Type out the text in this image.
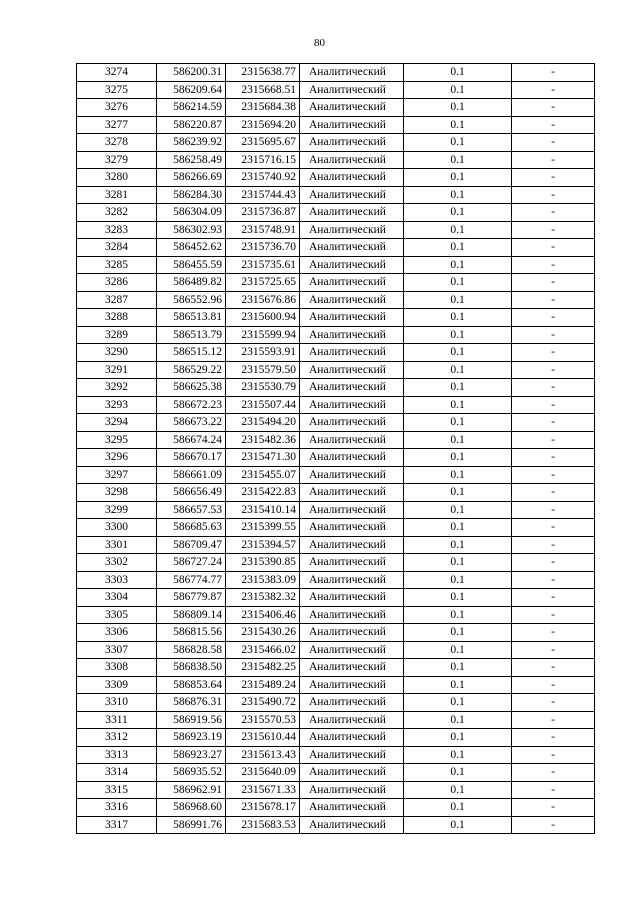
80
3274	586200.31	2315638.77	Аналитический	0.1	-
3275	586209.64	2315668.51	Аналитический	0.1	-
3276	586214.59	2315684.38	Аналитический	0.1	-
3277	586220.87	2315694.20	Аналитический	0.1	-
3278	586239.92	2315695.67	Аналитический	0.1	-
3279	586258.49	2315716.15	Аналитический	0.1	-
3280	586266.69	2315740.92	Аналитический	0.1	-
3281	586284.30	2315744.43	Аналитический	0.1	-
3282	586304.09	2315736.87	Аналитический	0.1	-
3283	586302.93	2315748.91	Аналитический	0.1	-
3284	586452.62	2315736.70	Аналитический	0.1	-
3285	586455.59	2315735.61	Аналитический	0.1	-
3286	586489.82	2315725.65	Аналитический	0.1	-
3287	586552.96	2315676.86	Аналитический	0.1	-
3288	586513.81	2315600.94	Аналитический	0.1	-
3289	586513.79	2315599.94	Аналитический	0.1	-
3290	586515.12	2315593.91	Аналитический	0.1	-
3291	586529.22	2315579.50	Аналитический	0.1	-
3292	586625.38	2315530.79	Аналитический	0.1	-
3293	586672.23	2315507.44	Аналитический	0.1	-
3294	586673.22	2315494.20	Аналитический	0.1	-
3295	586674.24	2315482.36	Аналитический	0.1	-
3296	586670.17	2315471.30	Аналитический	0.1	-
3297	586661.09	2315455.07	Аналитический	0.1	-
3298	586656.49	2315422.83	Аналитический	0.1	-
3299	586657.53	2315410.14	Аналитический	0.1	-
3300	586685.63	2315399.55	Аналитический	0.1	-
3301	586709.47	2315394.57	Аналитический	0.1	-
3302	586727.24	2315390.85	Аналитический	0.1	-
3303	586774.77	2315383.09	Аналитический	0.1	-
3304	586779.87	2315382.32	Аналитический	0.1	-
3305	586809.14	2315406.46	Аналитический	0.1	-
3306	586815.56	2315430.26	Аналитический	0.1	-
3307	586828.58	2315466.02	Аналитический	0.1	-
3308	586838.50	2315482.25	Аналитический	0.1	-
3309	586853.64	2315489.24	Аналитический	0.1	-
3310	586876.31	2315490.72	Аналитический	0.1	-
3311	586919.56	2315570.53	Аналитический	0.1	-
3312	586923.19	2315610.44	Аналитический	0.1	-
3313	586923.27	2315613.43	Аналитический	0.1	-
3314	586935.52	2315640.09	Аналитический	0.1	-
3315	586962.91	2315671.33	Аналитический	0.1	-
3316	586968.60	2315678.17	Аналитический	0.1	-
3317	586991.76	2315683.53	Аналитический	0.1	-
